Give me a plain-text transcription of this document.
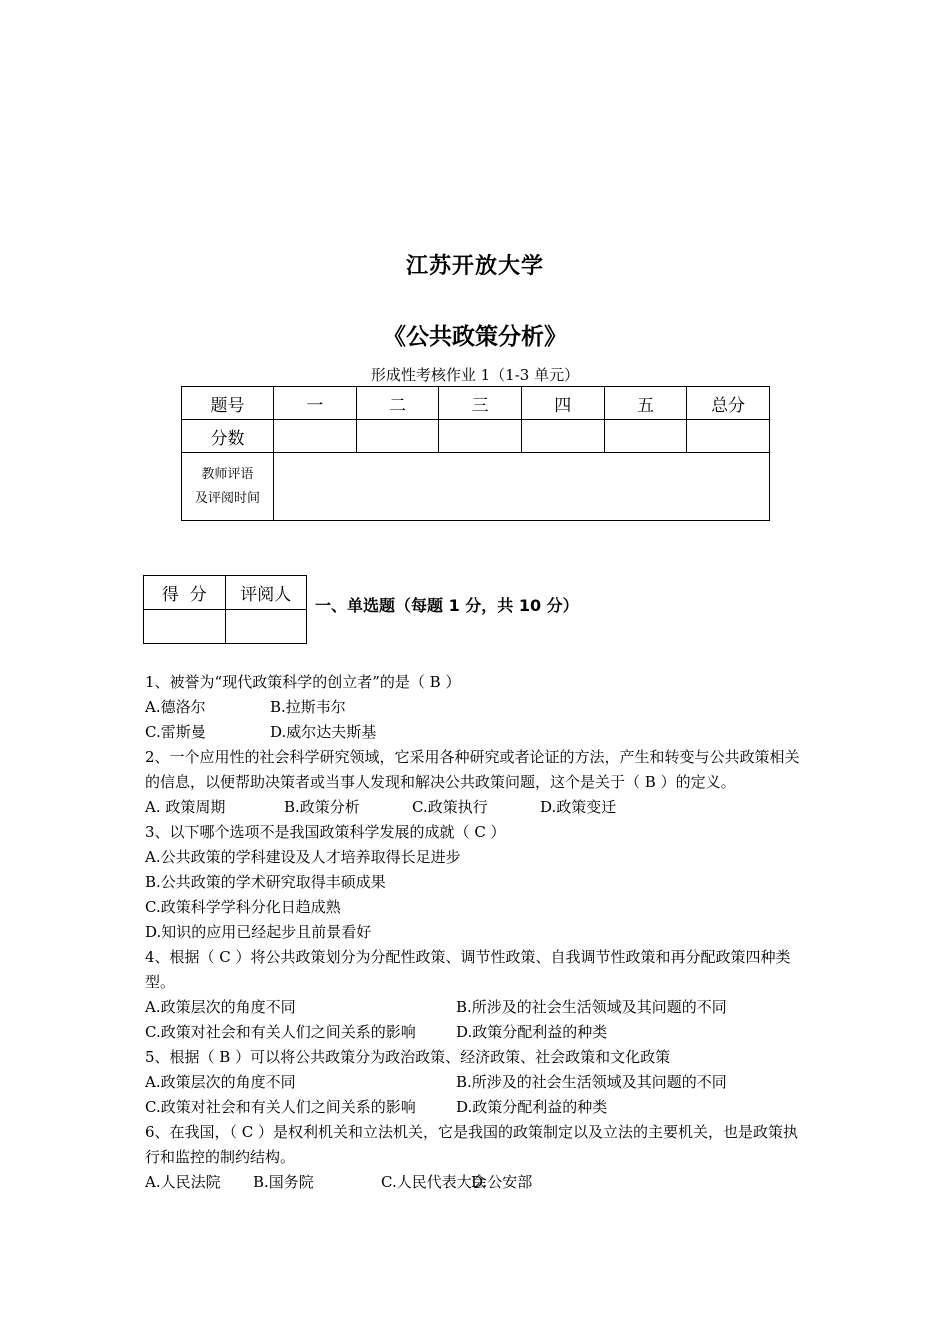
江苏开放大学
《公共政策分析》
形成性考核作业 1（1-3 单元）
题号	一	二	三	四	五	总分
分数						

教师评语
及评阅时间						

得  分	评阅人

一、单选题（每题 1 分，共 10 分）

1、被誉为“现代政策科学的创立者”的是（ B ）

A.德洛尔	B.拉斯韦尔
C.雷斯曼	D.威尔达夫斯基

2、一个应用性的社会科学研究领域，它采用各种研究或者论证的方法，产生和转变与公共政策相关的信息，以便帮助决策者或当事人发现和解决公共政策问题，这个是关于（ B ）的定义。

A. 政策周期	B.政策分析	C.政策执行	D.政策变迁

3、以下哪个选项不是我国政策科学发展的成就（ C ）

A.公共政策的学科建设及人才培养取得长足进步
B.公共政策的学术研究取得丰硕成果
C.政策科学学科分化日趋成熟
D.知识的应用已经起步且前景看好

4、根据（ C ）将公共政策划分为分配性政策、调节性政策、自我调节性政策和再分配政策四种类型。

A.政策层次的角度不同	B.所涉及的社会生活领域及其问题的不同
C.政策对社会和有关人们之间关系的影响	D.政策分配利益的种类

5、根据（ B ）可以将公共政策分为政治政策、经济政策、社会政策和文化政策

A.政策层次的角度不同	B.所涉及的社会生活领域及其问题的不同
C.政策对社会和有关人们之间关系的影响	D.政策分配利益的种类

6、在我国，（ C ）是权利机关和立法机关，它是我国的政策制定以及立法的主要机关，也是政策执行和监控的制约结构。

A.人民法院	B.国务院	C.人民代表大会
D.公安部
